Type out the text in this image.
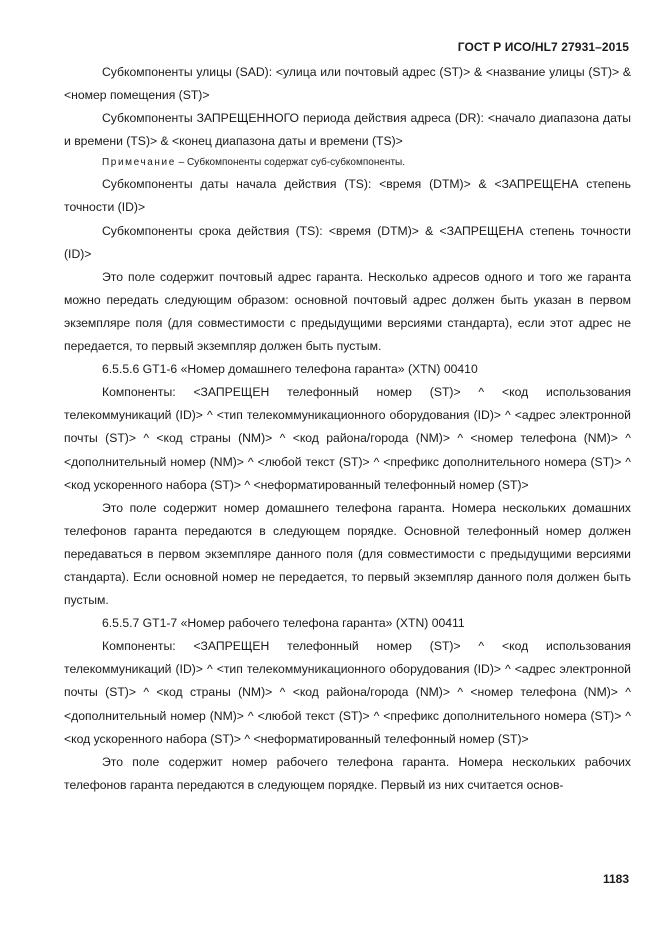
ГОСТ Р ИСО/HL7 27931–2015

Субкомпоненты улицы (SAD): <улица или почтовый адрес (ST)> & <название улицы (ST)> & <номер помещения (ST)>

Субкомпоненты ЗАПРЕЩЕННОГО периода действия адреса (DR): <начало диапазона даты и времени (TS)> & <конец диапазона даты и времени (TS)>

Примечание – Субкомпоненты содержат суб-субкомпоненты.

Субкомпоненты даты начала действия (TS): <время (DTM)> & <ЗАПРЕЩЕНА степень точности (ID)>

Субкомпоненты срока действия (TS): <время (DTM)> & <ЗАПРЕЩЕНА степень точности (ID)>

Это поле содержит почтовый адрес гаранта. Несколько адресов одного и того же гаранта можно передать следующим образом: основной почтовый адрес должен быть указан в первом экземпляре поля (для совместимости с предыдущими версиями стандарта), если этот адрес не передается, то первый экземпляр должен быть пустым.

6.5.5.6 GT1-6 «Номер домашнего телефона гаранта» (XTN) 00410

Компоненты: <ЗАПРЕЩЕН телефонный номер (ST)> ^ <код использования телекоммуникаций (ID)> ^ <тип телекоммуникационного оборудования (ID)> ^ <адрес электронной почты (ST)> ^ <код страны (NM)> ^ <код района/города (NM)> ^ <номер телефона (NM)> ^ <дополнительный номер (NM)> ^ <любой текст (ST)> ^ <префикс дополнительного номера (ST)> ^ <код ускоренного набора (ST)> ^ <неформатированный телефонный номер (ST)>

Это поле содержит номер домашнего телефона гаранта. Номера нескольких домашних телефонов гаранта передаются в следующем порядке. Основной телефонный номер должен передаваться в первом экземпляре данного поля (для совместимости с предыдущими версиями стандарта). Если основной номер не передается, то первый экземпляр данного поля должен быть пустым.

6.5.5.7 GT1-7 «Номер рабочего телефона гаранта» (XTN) 00411

Компоненты: <ЗАПРЕЩЕН телефонный номер (ST)> ^ <код использования телекоммуникаций (ID)> ^ <тип телекоммуникационного оборудования (ID)> ^ <адрес электронной почты (ST)> ^ <код страны (NM)> ^ <код района/города (NM)> ^ <номер телефона (NM)> ^ <дополнительный номер (NM)> ^ <любой текст (ST)> ^ <префикс дополнительного номера (ST)> ^ <код ускоренного набора (ST)> ^ <неформатированный телефонный номер (ST)>

Это поле содержит номер рабочего телефона гаранта. Номера нескольких рабочих телефонов гаранта передаются в следующем порядке. Первый из них считается основ-

1183
